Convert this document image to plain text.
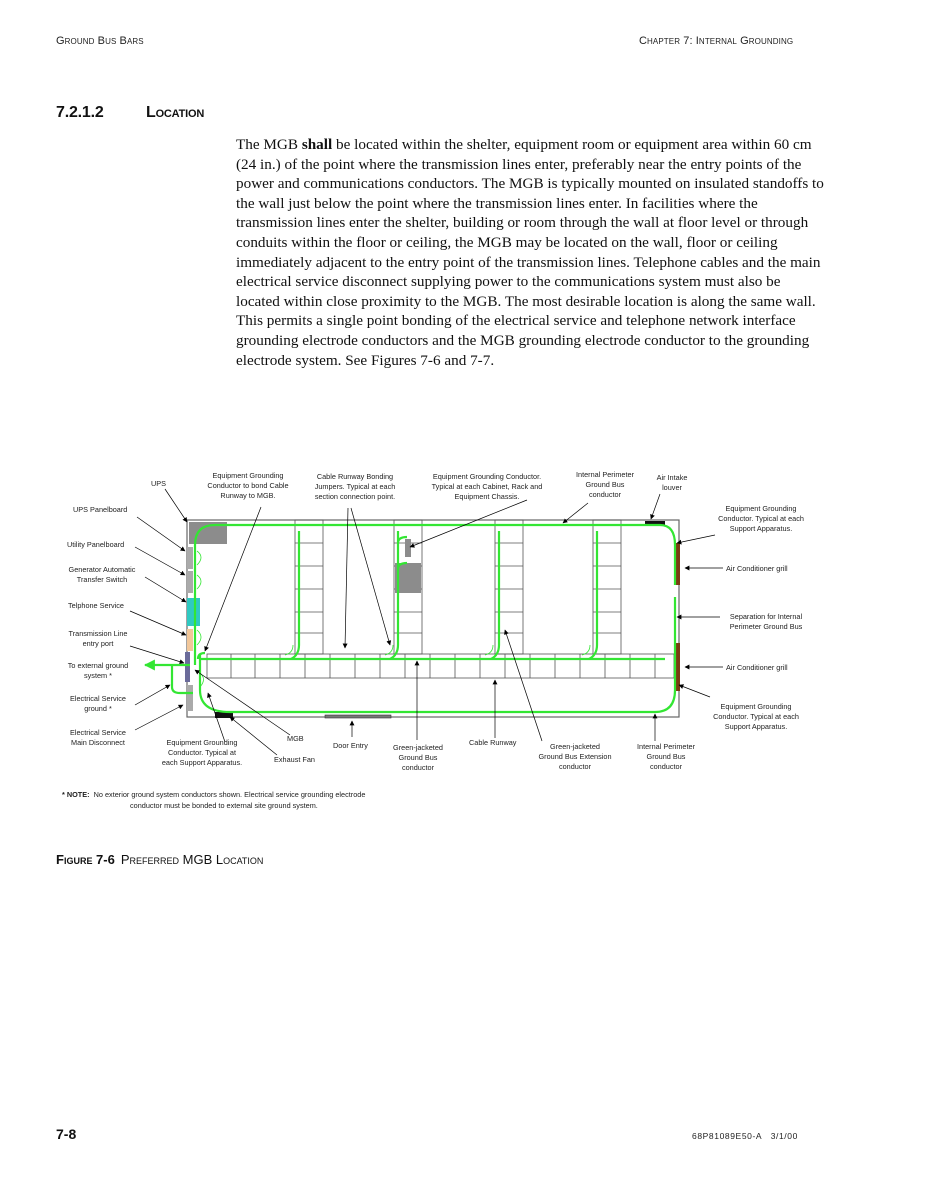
Ground Bus Bars	Chapter 7: Internal Grounding
7.2.1.2	Location
The MGB shall be located within the shelter, equipment room or equipment area within 60 cm (24 in.) of the point where the transmission lines enter, preferably near the entry points of the power and communications conductors. The MGB is typically mounted on insulated standoffs to the wall just below the point where the transmission lines enter. In facilities where the transmission lines enter the shelter, building or room through the wall at floor level or through conduits within the floor or ceiling, the MGB may be located on the wall, floor or ceiling immediately adjacent to the entry point of the transmission lines. Telephone cables and the main electrical service disconnect supplying power to the communications system must also be located within close proximity to the MGB. The most desirable location is along the same wall. This permits a single point bonding of the electrical service and telephone network interface grounding electrode conductors and the MGB grounding electrode conductor to the grounding electrode system. See Figures 7-6 and 7-7.
UPS
Equipment Grounding Conductor to bond Cable Runway to MGB.
Cable Runway Bonding Jumpers. Typical at each section connection point.
Equipment Grounding Conductor. Typical at each Cabinet, Rack and Equipment Chassis.
Internal Perimeter Ground Bus conductor
Air Intake louver
Equipment Grounding Conductor. Typical at each Support Apparatus.
UPS Panelboard
Utility Panelboard
Generator Automatic Transfer Switch
Telphone Service
Transmission Line entry port
To external ground system *
Electrical Service ground *
Electrical Service Main Disconnect	Equipment Grounding Conductor. Typical at each Support Apparatus.
MGB
Exhaust Fan
Door Entry	Green-jacketed Ground Bus conductor
Cable Runway	Green-jacketed Ground Bus Extension conductor
Internal Perimeter Ground Bus conductor
Air Conditioner grill
Separation for Internal Perimeter Ground Bus
Air Conditioner grill
Equipment Grounding Conductor. Typical at each Support Apparatus.
* NOTE: No exterior ground system conductors shown. Electrical service grounding electrode
conductor must be bonded to external site ground system.
Figure 7-6 Preferred MGB Location
7-8	68P81089E50-A 3/1/00
